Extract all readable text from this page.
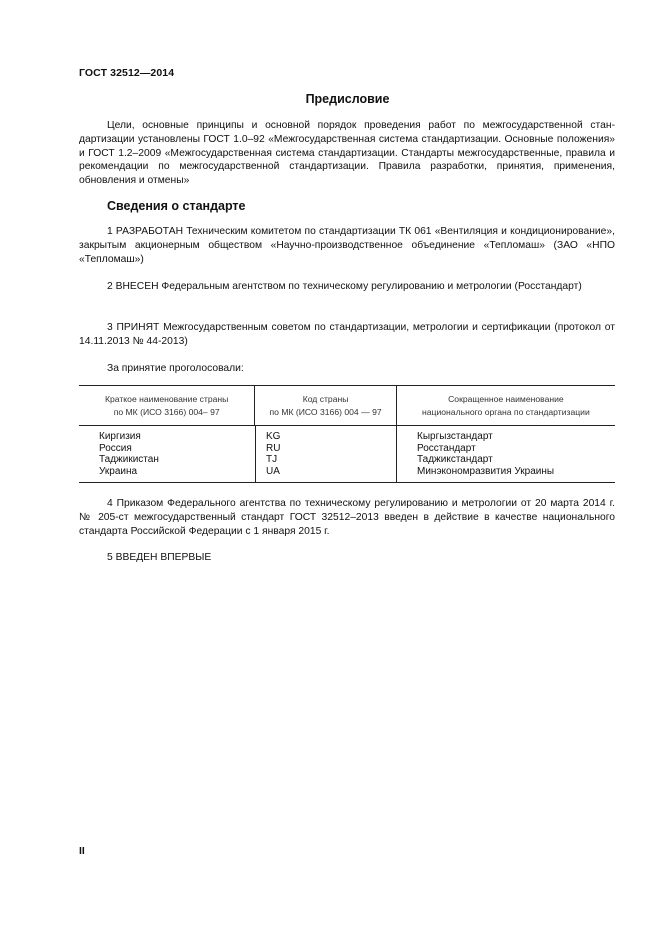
ГОСТ 32512—2014
Предисловие
Цели, основные принципы и основной порядок проведения работ по межгосударственной стандартизации установлены ГОСТ 1.0–92 «Межгосударственная система стандартизации. Основные положения» и ГОСТ 1.2–2009 «Межгосударственная система стандартизации. Стандарты межгосударственные, правила и рекомендации по межгосударственной стандартизации. Правила разработки, принятия, применения, обновления и отмены»
Сведения о стандарте
1 РАЗРАБОТАН Техническим комитетом по стандартизации ТК 061 «Вентиляция и кондиционирование», закрытым акционерным обществом «Научно-производственное объединение «Тепломаш» (ЗАО «НПО «Тепломаш»)
2 ВНЕСЕН Федеральным агентством по техническому регулированию и метрологии (Росстандарт)
3 ПРИНЯТ Межгосударственным советом по стандартизации, метрологии и сертификации (протокол от 14.11.2013 № 44-2013)
За принятие проголосовали:
Краткое наименование страны
по МК (ИСО 3166) 004– 97
Код страны
по МК (ИСО 3166) 004 — 97
Сокращенное наименование
национального органа по стандартизации
Киргизия
Россия
Таджикистан
Украина
KG
RU
TJ
UA
Кыргызстандарт
Росстандарт
Таджикстандарт
Минэкономразвития Украины
4 Приказом Федерального агентства по техническому регулированию и метрологии от 20 марта 2014 г. № 205-ст межгосударственный стандарт ГОСТ 32512–2013 введен в действие в качестве национального стандарта Российской Федерации с 1 января 2015 г.
5 ВВЕДЕН ВПЕРВЫЕ
II
